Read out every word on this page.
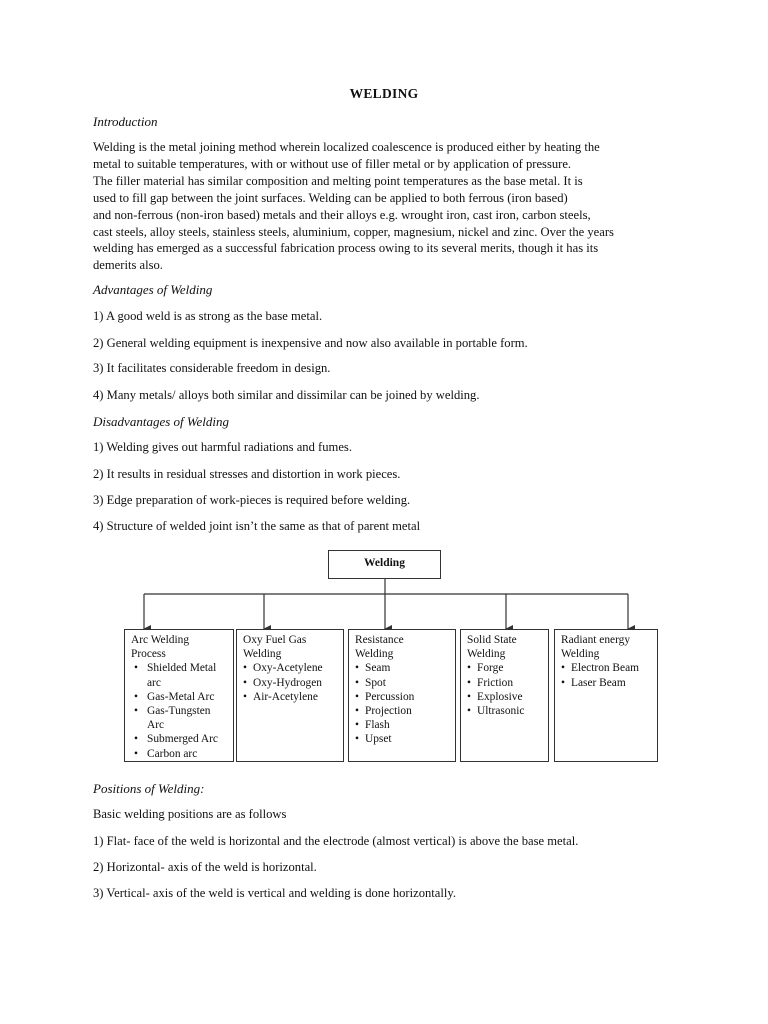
WELDING
Introduction
Welding is the metal joining method wherein localized coalescence is produced either by heating the
metal to suitable temperatures, with or without use of filler metal or by application of pressure.
The filler material has similar composition and melting point temperatures as the base metal. It is
used to fill gap between the joint surfaces. Welding can be applied to both ferrous (iron based)
and non-ferrous (non-iron based) metals and their alloys e.g. wrought iron, cast iron, carbon steels,
cast steels, alloy steels, stainless steels, aluminium, copper, magnesium, nickel and zinc. Over the years
welding has emerged as a successful fabrication process owing to its several merits, though it has its
demerits also.
Advantages of Welding
1) A good weld is as strong as the base metal.
2) General welding equipment is inexpensive and now also available in portable form.
3) It facilitates considerable freedom in design.
4) Many metals/ alloys both similar and dissimilar can be joined by welding.
Disadvantages of Welding
1) Welding gives out harmful radiations and fumes.
2) It results in residual stresses and distortion in work pieces.
3) Edge preparation of work-pieces is required before welding.
4) Structure of welded joint isn’t the same as that of parent metal
Welding
Arc Welding
Process
• Shielded Metal arc
• Gas-Metal Arc
• Gas-Tungsten Arc
• Submerged Arc
• Carbon arc
Oxy Fuel Gas
Welding
• Oxy-Acetylene
• Oxy-Hydrogen
• Air-Acetylene
Resistance
Welding
• Seam
• Spot
• Percussion
• Projection
• Flash
• Upset
Solid State
Welding
• Forge
• Friction
• Explosive
• Ultrasonic
Radiant energy
Welding
• Electron Beam
• Laser Beam
Positions of Welding:
Basic welding positions are as follows
1) Flat- face of the weld is horizontal and the electrode (almost vertical) is above the base metal.
2) Horizontal- axis of the weld is horizontal.
3) Vertical- axis of the weld is vertical and welding is done horizontally.
